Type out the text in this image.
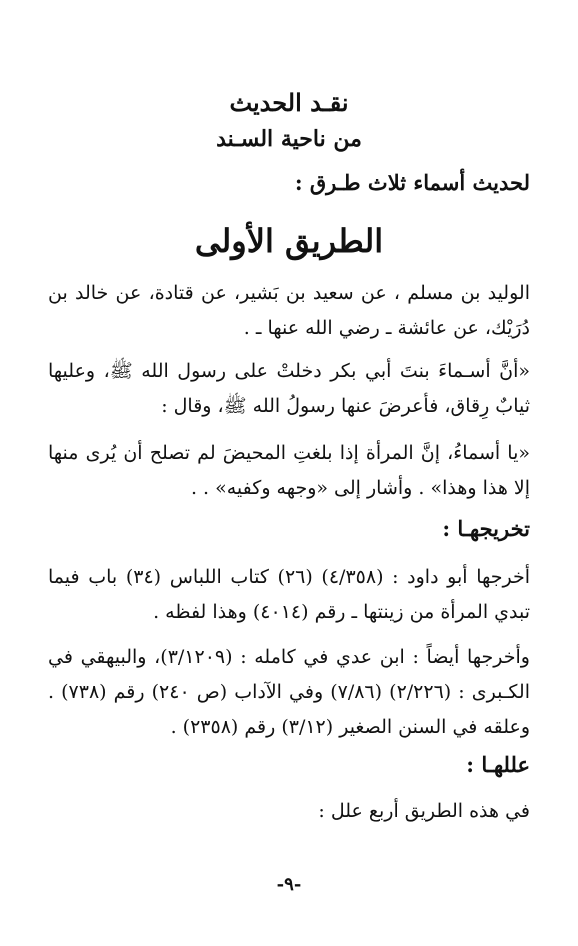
نقـد الحديث
من ناحية السـند
لحديث أسماء ثلاث طـرق :
الطريق الأولى
الوليد بن مسلم ، عن سعيد بن بَشير، عن قتادة، عن خالد بن دُرَيْك، عن عائشة ـ رضي الله عنها ـ .
«أنَّ أسـماءَ بنتَ أبي بكر دخلتْ على رسول الله ﷺ، وعليها ثيابٌ رِقاق، فأعرضَ عنها رسولُ الله ﷺ، وقال :
«يا أسماءُ، إنَّ المرأة إذا بلغتِ المحيضَ لم تصلح أن يُرى منها إلا هذا وهذا» . وأشار إلى «وجهه وكفيه» . .
تخريجهـا :
أخرجها أبو داود : (٤/٣٥٨) (٢٦) كتاب اللباس (٣٤) باب فيما تبدي المرأة من زينتها ـ رقم (٤٠١٤) وهذا لفظه .
وأخرجها أيضاً : ابن عدي في كامله : (٣/١٢٠٩)، والبيهقي في الكـبرى : (٢/٢٢٦) (٧/٨٦) وفي الآداب (ص ٢٤٠) رقم (٧٣٨) . وعلقه في السنن الصغير (٣/١٢) رقم (٢٣٥٨) .
عللهـا :
في هذه الطريق أربع علل :
-٩-
